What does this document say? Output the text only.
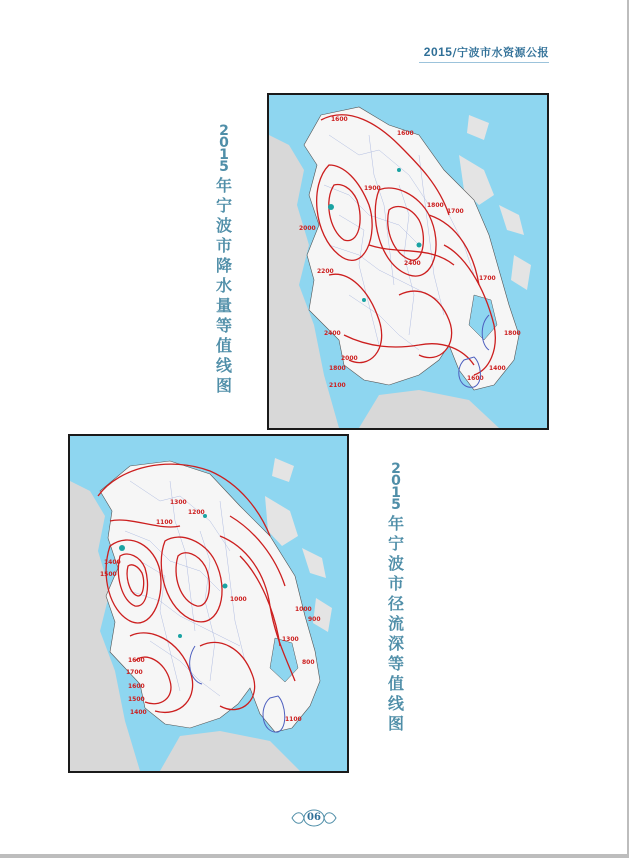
2015/宁波市水资源公报
1600
1600
1700
1800
1900
2000
2200
2400
2400
1800
1700
2100
2000
1800
1600
1400
2
0
1
5
年
宁
波
市
降
水
量
等
值
线
图
1300
1200
1100
1400
1500
1600
1700
1600
1500
1400
1300
1000
900
800
1000
1100
2
0
1
5
年
宁
波
市
径
流
深
等
值
线
图
06
